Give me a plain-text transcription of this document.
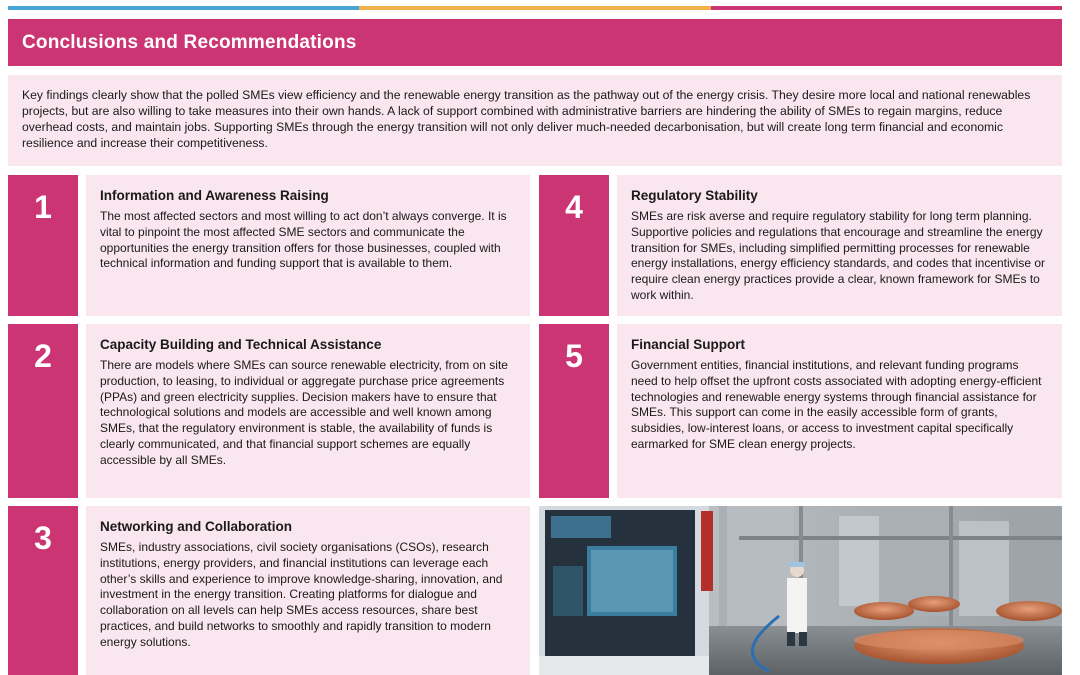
Conclusions and Recommendations

Key findings clearly show that the polled SMEs view efficiency and the renewable energy transition as the pathway out of the energy crisis. They desire more local and national renewables projects, but are also willing to take measures into their own hands. A lack of support combined with administrative barriers are hindering the ability of SMEs to regain margins, reduce overhead costs, and maintain jobs. Supporting SMEs through the energy transition will not only deliver much-needed decarbonisation, but will create long term financial and economic resilience and increase their competitiveness.

1	Information and Awareness Raising

The most affected sectors and most willing to act don’t always converge. It is vital to pinpoint the most affected SME sectors and communicate the opportunities the energy transition offers for those businesses, coupled with technical information and funding support that is available to them.

2	Capacity Building and Technical Assistance

There are models where SMEs can source renewable electricity, from on site production, to leasing, to individual or aggregate purchase price agreements (PPAs) and green electricity supplies. Decision makers have to ensure that technological solutions and models are accessible and well known among SMEs, that the regulatory environment is stable, the availability of funds is clearly communicated, and that financial support schemes are equally accessible by all SMEs.

3	Networking and Collaboration

SMEs, industry associations, civil society organisations (CSOs), research institutions, energy providers, and financial institutions can leverage each other’s skills and experience to improve knowledge-sharing, innovation, and investment in the energy transition. Creating platforms for dialogue and collaboration on all levels can help SMEs access resources, share best practices, and build networks to smoothly and rapidly transition to modern energy solutions.

4	Regulatory Stability

SMEs are risk averse and require regulatory stability for long term planning. Supportive policies and regulations that encourage and streamline the energy transition for SMEs, including simplified permitting processes for renewable energy installations, energy efficiency standards, and codes that incentivise or require clean energy practices provide a clear, known framework for SMEs to work within.

5	Financial Support

Government entities, financial institutions, and relevant funding programs need to help offset the upfront costs associated with adopting energy-efficient technologies and renewable energy systems through financial assistance for SMEs. This support can come in the easily accessible form of grants, subsidies, low-interest loans, or access to investment capital specifically earmarked for SME clean energy projects.
